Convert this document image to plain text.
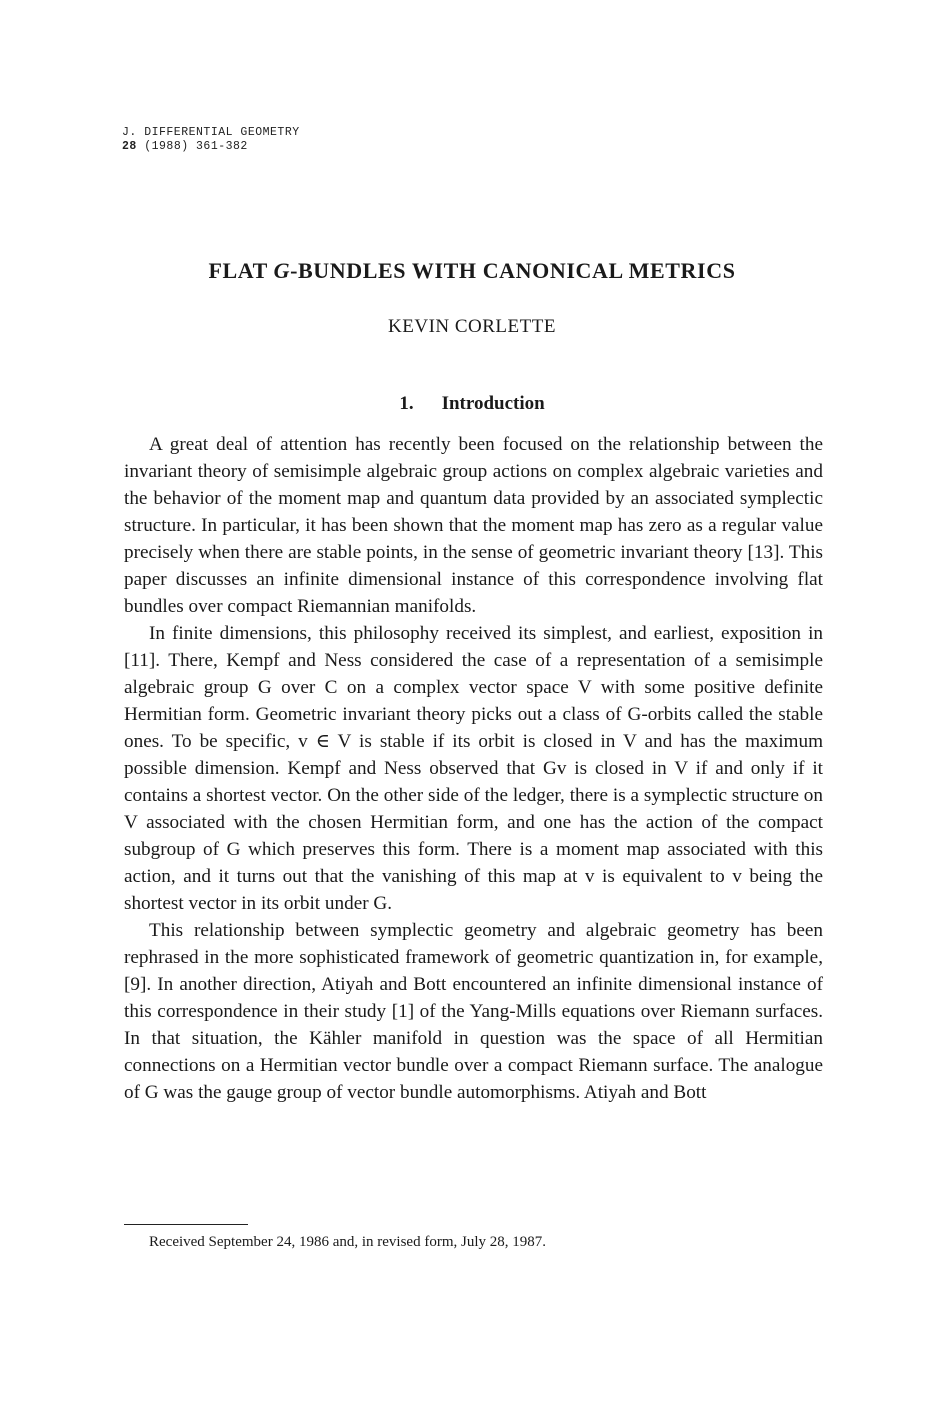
J. DIFFERENTIAL GEOMETRY
28 (1988) 361-382
FLAT G-BUNDLES WITH CANONICAL METRICS
KEVIN CORLETTE
1. Introduction

A great deal of attention has recently been focused on the relationship between the invariant theory of semisimple algebraic group actions on complex algebraic varieties and the behavior of the moment map and quantum data provided by an associated symplectic structure. In particular, it has been shown that the moment map has zero as a regular value precisely when there are stable points, in the sense of geometric invariant theory [13]. This paper discusses an infinite dimensional instance of this correspondence involving flat bundles over compact Riemannian manifolds.

In finite dimensions, this philosophy received its simplest, and earliest, exposition in [11]. There, Kempf and Ness considered the case of a representation of a semisimple algebraic group G over C on a complex vector space V with some positive definite Hermitian form. Geometric invariant theory picks out a class of G-orbits called the stable ones. To be specific, v ∈ V is stable if its orbit is closed in V and has the maximum possible dimension. Kempf and Ness observed that Gv is closed in V if and only if it contains a shortest vector. On the other side of the ledger, there is a symplectic structure on V associated with the chosen Hermitian form, and one has the action of the compact subgroup of G which preserves this form. There is a moment map associated with this action, and it turns out that the vanishing of this map at v is equivalent to v being the shortest vector in its orbit under G.

This relationship between symplectic geometry and algebraic geometry has been rephrased in the more sophisticated framework of geometric quantization in, for example, [9]. In another direction, Atiyah and Bott encountered an infinite dimensional instance of this correspondence in their study [1] of the Yang-Mills equations over Riemann surfaces. In that situation, the Kähler manifold in question was the space of all Hermitian connections on a Hermitian vector bundle over a compact Riemann surface. The analogue of G was the gauge group of vector bundle automorphisms. Atiyah and Bott

Received September 24, 1986 and, in revised form, July 28, 1987.
